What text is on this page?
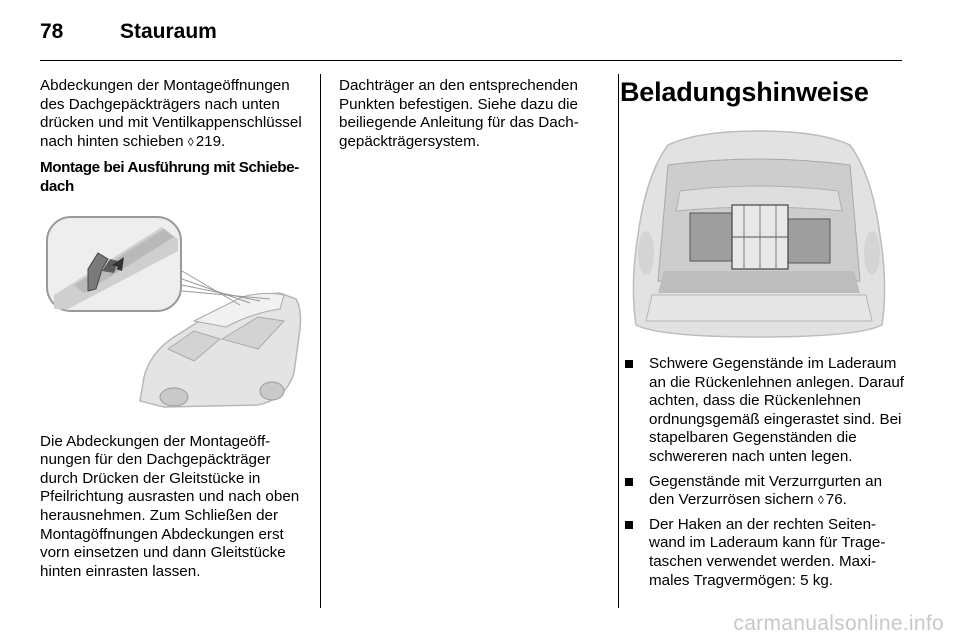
78	Stauraum

Abdeckungen der Montageöffnungen des Dachgepäckträgers nach unten drücken und mit Ventilkappenschlüssel nach hinten schieben ◊ 219.

Montage bei Ausführung mit Schiebedach

Die Abdeckungen der Montageöffnungen für den Dachgepäckträger durch Drücken der Gleitstücke in Pfeilrichtung ausrasten und nach oben herausnehmen. Zum Schließen der Montagöffnungen Abdeckungen erst vorn einsetzen und dann Gleitstücke hinten einrasten lassen.

Dachträger an den entsprechenden Punkten befestigen. Siehe dazu die beiliegende Anleitung für das Dachgepäckträgersystem.

Beladungshinweise
Schwere Gegenstände im Laderaum an die Rückenlehnen anlegen. Darauf achten, dass die Rückenlehnen ordnungsgemäß eingerastet sind. Bei stapelbaren Gegenständen die schwereren nach unten legen.
Gegenstände mit Verzurrgurten an den Verzurrösen sichern ◊ 76.
Der Haken an der rechten Seitenwand im Laderaum kann für Tragetaschen verwendet werden. Maximales Tragvermögen: 5 kg.
carmanualsonline.info
